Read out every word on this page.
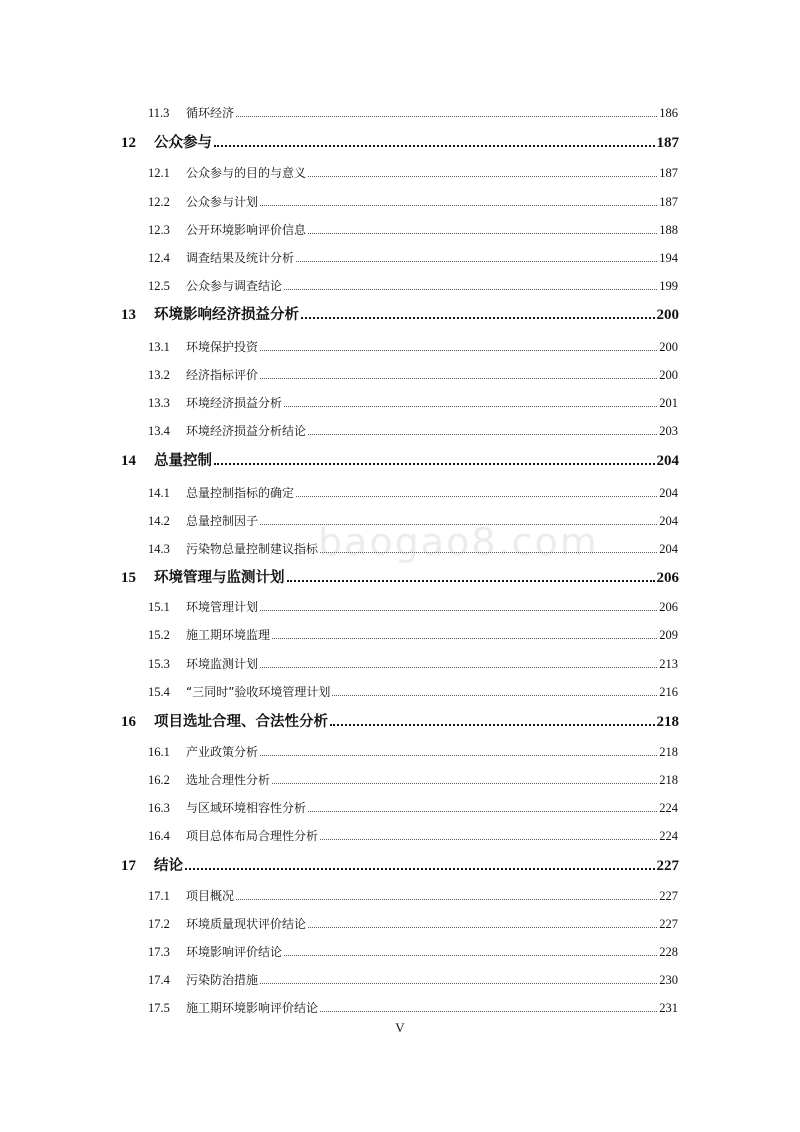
11.3	循环经济	186
12	公众参与	187
12.1	公众参与的目的与意义	187
12.2	公众参与计划	187
12.3	公开环境影响评价信息	188
12.4	调查结果及统计分析	194
12.5	公众参与调查结论	199
13	环境影响经济损益分析	200
13.1	环境保护投资	200
13.2	经济指标评价	200
13.3	环境经济损益分析	201
13.4	环境经济损益分析结论	203
14	总量控制	204
14.1	总量控制指标的确定	204
14.2	总量控制因子	204
14.3	污染物总量控制建议指标	204
15	环境管理与监测计划	206
15.1	环境管理计划	206
15.2	施工期环境监理	209
15.3	环境监测计划	213
15.4	“三同时”验收环境管理计划	216
16	项目选址合理、合法性分析	218
16.1	产业政策分析	218
16.2	选址合理性分析	218
16.3	与区域环境相容性分析	224
16.4	项目总体布局合理性分析	224
17	结论	227
17.1	项目概况	227
17.2	环境质量现状评价结论	227
17.3	环境影响评价结论	228
17.4	污染防治措施	230
17.5	施工期环境影响评价结论	231
baogao8.com
V
